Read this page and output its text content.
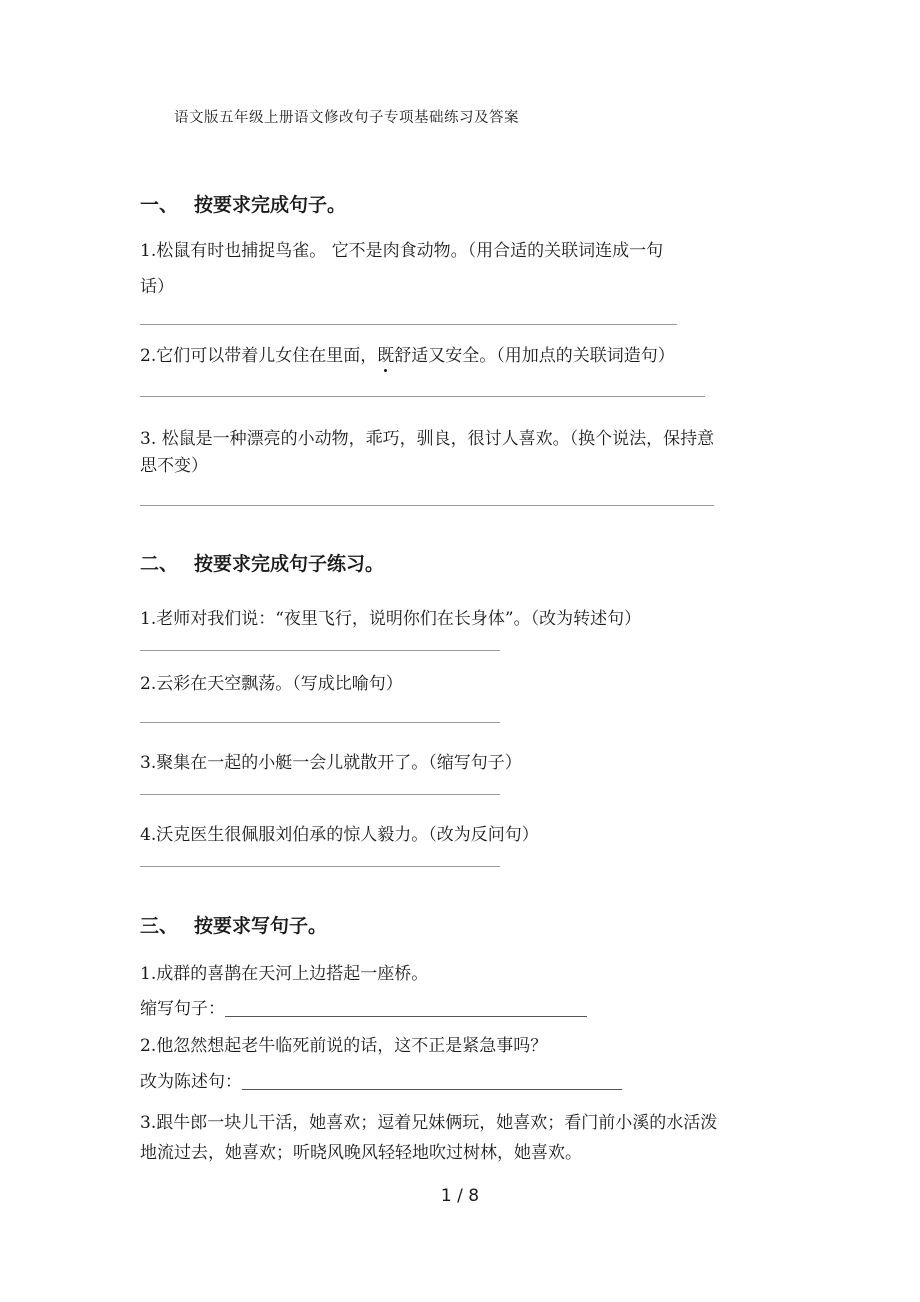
语文版五年级上册语文修改句子专项基础练习及答案
一、 按要求完成句子。
1.松鼠有时也捕捉鸟雀。 它不是肉食动物。（用合适的关联词连成一句
话）
2.它们可以带着儿女住在里面，既舒适又安全。（用加点的关联词造句）
3. 松鼠是一种漂亮的小动物，乖巧，驯良，很讨人喜欢。（换个说法，保持意
思不变）
二、 按要求完成句子练习。
1.老师对我们说：“夜里飞行，说明你们在长身体”。（改为转述句）
2.云彩在天空飘荡。（写成比喻句）
3.聚集在一起的小艇一会儿就散开了。（缩写句子）
4.沃克医生很佩服刘伯承的惊人毅力。（改为反问句）
三、 按要求写句子。
1.成群的喜鹊在天河上边搭起一座桥。
缩写句子：
2.他忽然想起老牛临死前说的话，这不正是紧急事吗？
改为陈述句：
3.跟牛郎一块儿干活，她喜欢；逗着兄妹俩玩，她喜欢；看门前小溪的水活泼
地流过去，她喜欢；听晓风晚风轻轻地吹过树林，她喜欢。
1 / 8
